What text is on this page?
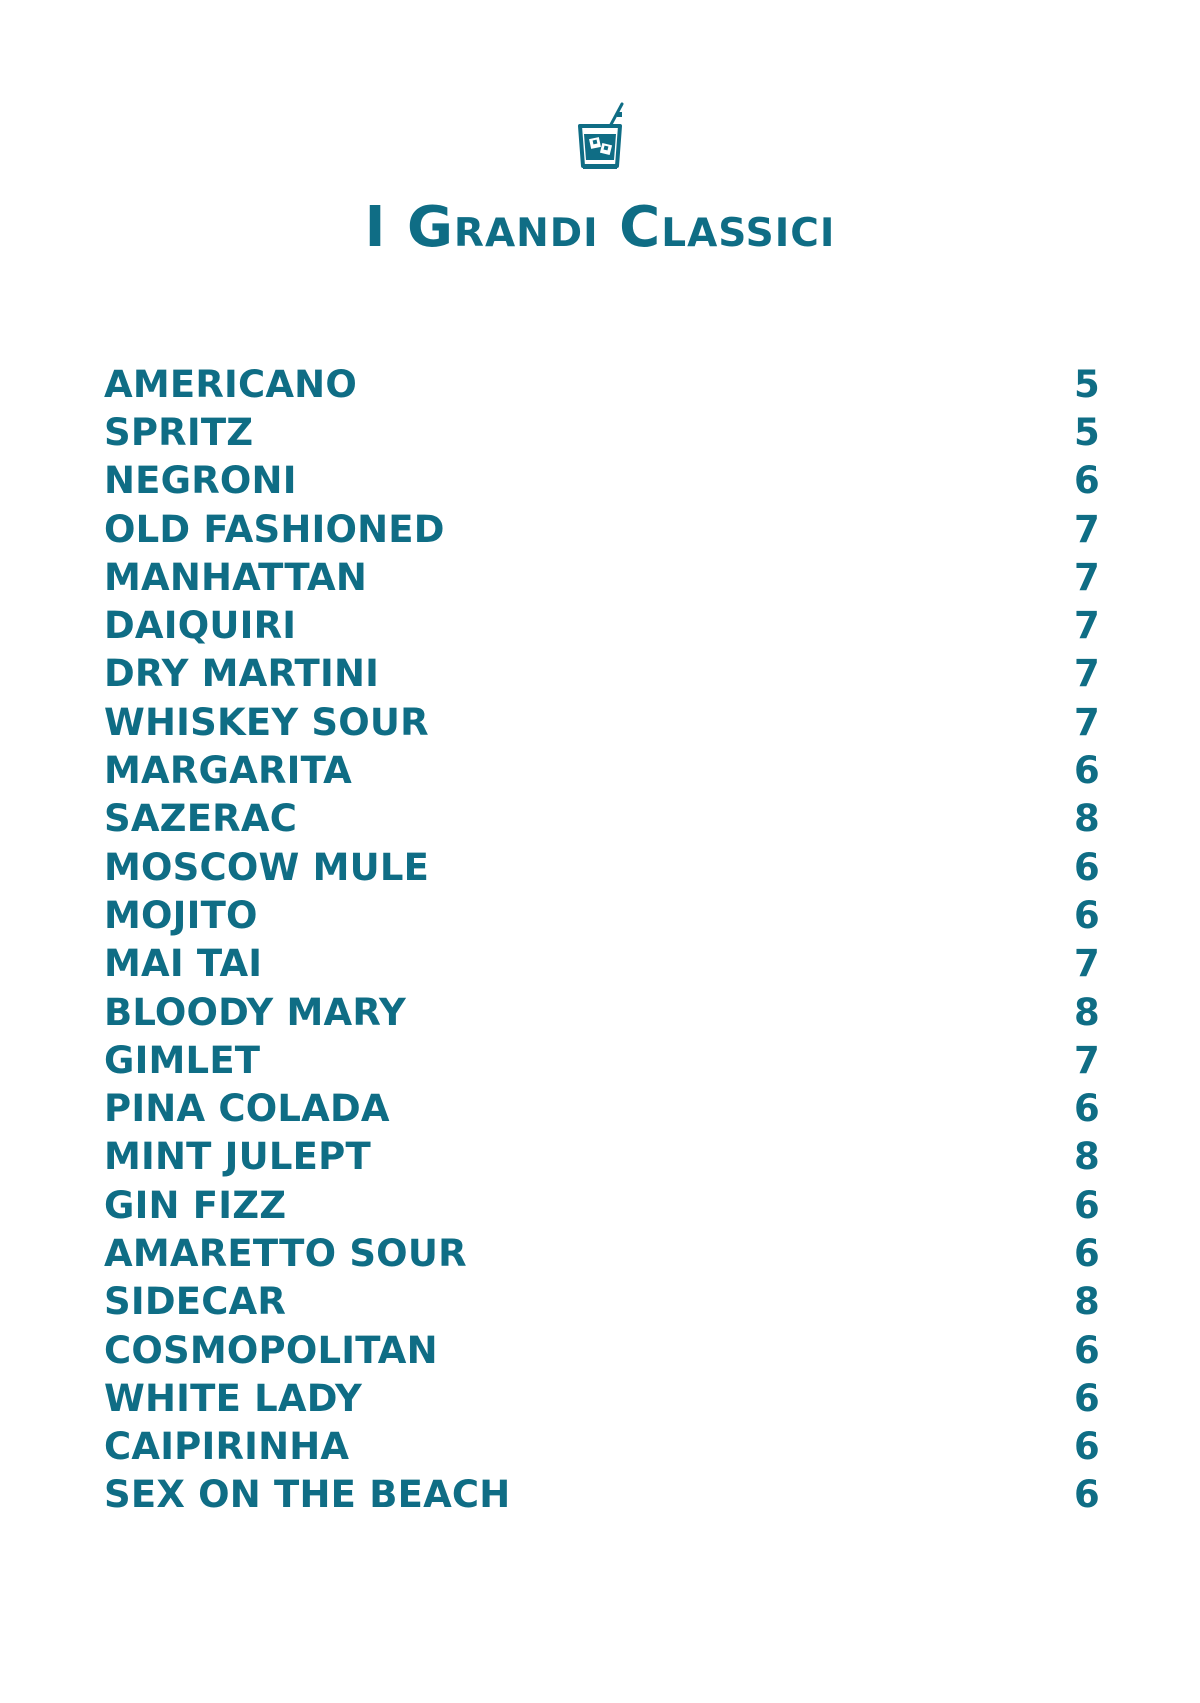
I Grandi Classici
AMERICANO	5
SPRITZ	5
NEGRONI	6
OLD FASHIONED	7
MANHATTAN	7
DAIQUIRI	7
DRY MARTINI	7
WHISKEY SOUR	7
MARGARITA	6
SAZERAC	8
MOSCOW MULE	6
MOJITO	6
MAI TAI	7
BLOODY MARY	8
GIMLET	7
PINA COLADA	6
MINT JULEPT	8
GIN FIZZ	6
AMARETTO SOUR	6
SIDECAR	8
COSMOPOLITAN	6
WHITE LADY	6
CAIPIRINHA	6
SEX ON THE BEACH	6
